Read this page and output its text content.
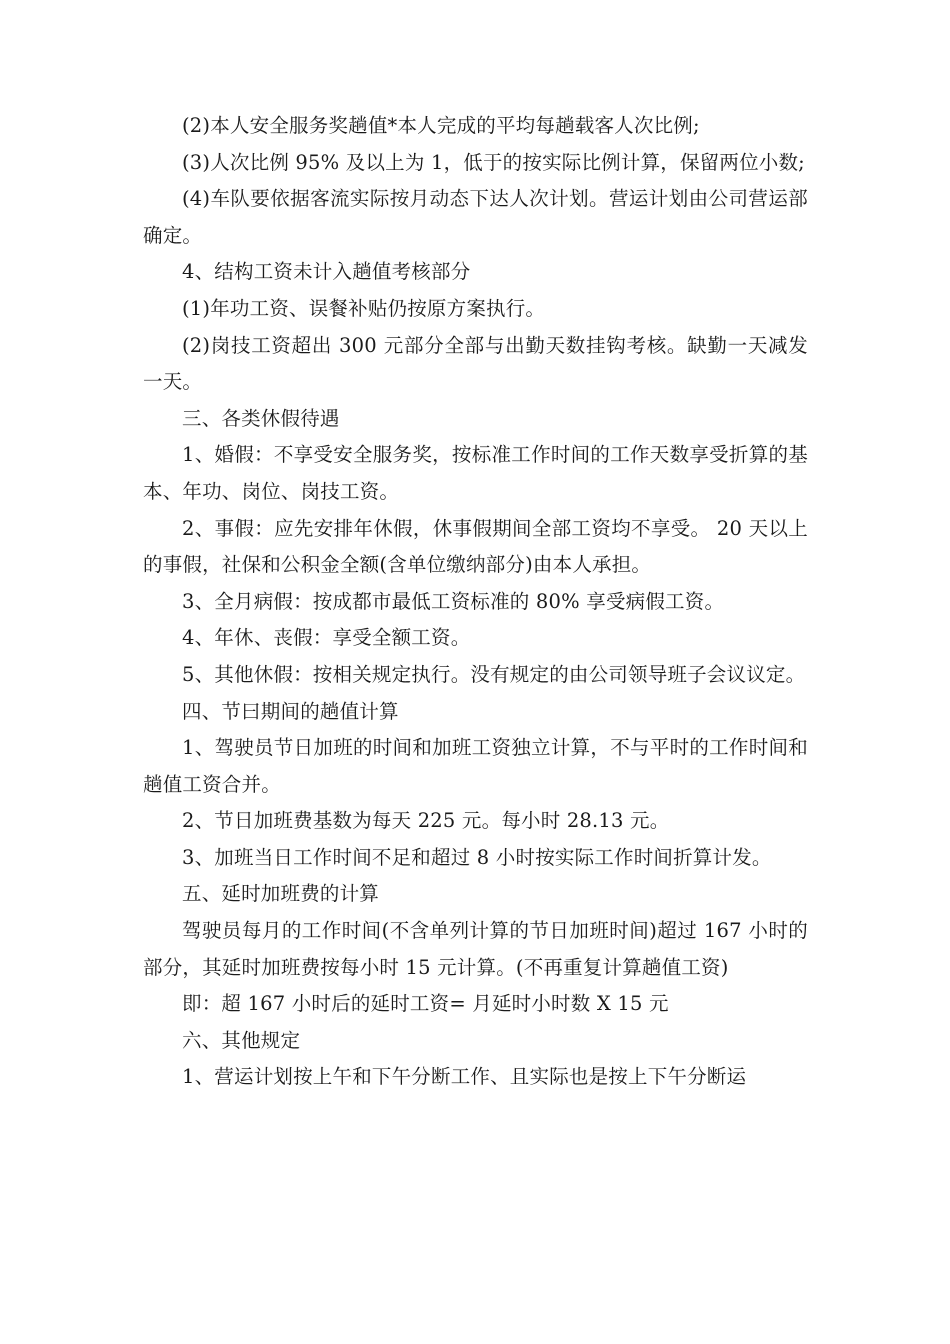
(2)本人安全服务奖趟值*本人完成的平均每趟载客人次比例;

(3)人次比例 95% 及以上为 1，低于的按实际比例计算，保留两位小数;

(4)车队要依据客流实际按月动态下达人次计划。营运计划由公司营运部确定。

4、结构工资未计入趟值考核部分

(1)年功工资、误餐补贴仍按原方案执行。

(2)岗技工资超出 300 元部分全部与出勤天数挂钩考核。缺勤一天减发一天。

三、各类休假待遇

1、婚假：不享受安全服务奖，按标准工作时间的工作天数享受折算的基本、年功、岗位、岗技工资。

2、事假：应先安排年休假，休事假期间全部工资均不享受。 20 天以上的事假，社保和公积金全额(含单位缴纳部分)由本人承担。

3、全月病假：按成都市最低工资标准的 80% 享受病假工资。

4、年休、丧假：享受全额工资。

5、其他休假：按相关规定执行。没有规定的由公司领导班子会议议定。

四、节曰期间的趟值计算

1、驾驶员节日加班的时间和加班工资独立计算，不与平时的工作时间和趟值工资合并。

2、节日加班费基数为每天 225 元。每小时 28.13 元。

3、加班当日工作时间不足和超过 8 小时按实际工作时间折算计发。

五、延时加班费的计算

驾驶员每月的工作时间(不含单列计算的节日加班时间)超过 167 小时的部分，其延时加班费按每小时 15 元计算。(不再重复计算趟值工资)

即：超 167 小时后的延时工资= 月延时小时数 X 15 元

六、其他规定

1、营运计划按上午和下午分断工作、且实际也是按上下午分断运
